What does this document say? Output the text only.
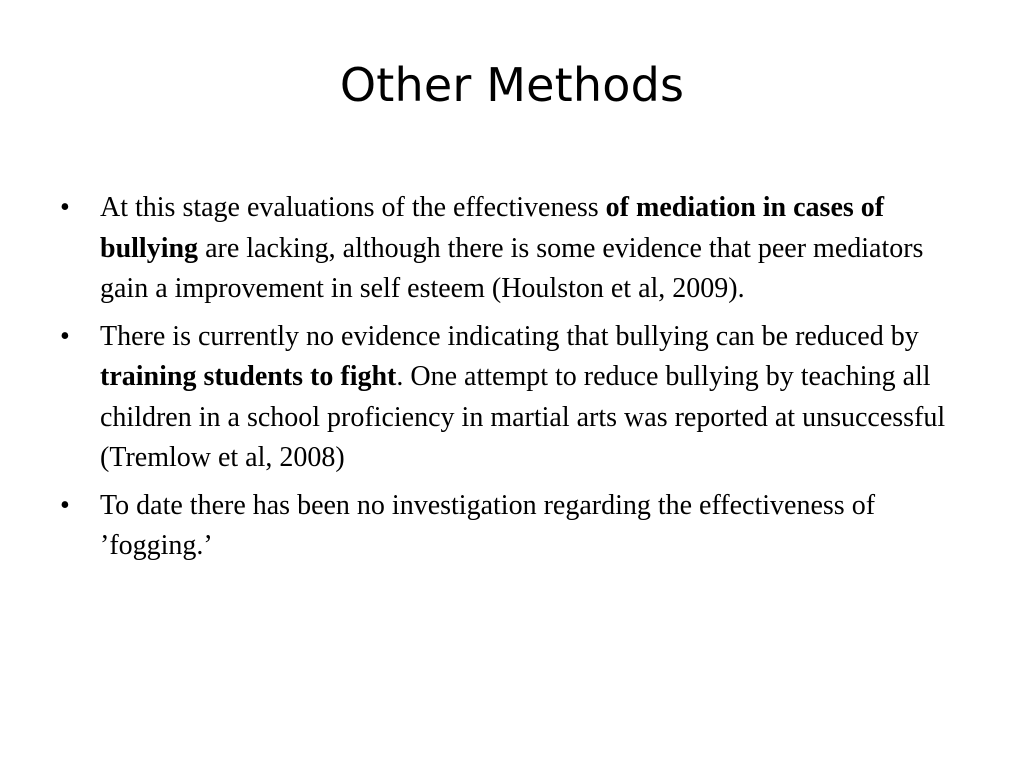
Other Methods
• At this stage evaluations of the effectiveness of mediation in cases of bullying are lacking, although there is some evidence that peer mediators gain a improvement in self esteem (Houlston et al, 2009).
• There is currently no evidence indicating that bullying can be reduced by training students to fight. One attempt to reduce bullying by teaching all children in a school proficiency in martial arts was reported at unsuccessful (Tremlow et al, 2008)
• To date there has been no investigation regarding the effectiveness of ’fogging.’
